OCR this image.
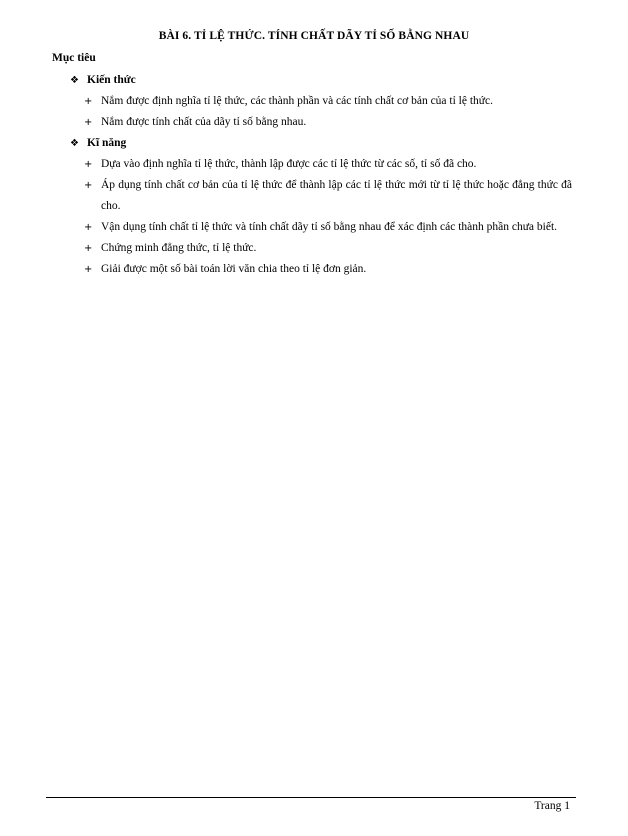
BÀI 6. TỈ LỆ THỨC. TÍNH CHẤT DÃY TỈ SỐ BẰNG NHAU
Mục tiêu
❖ Kiến thức
+ Nắm được định nghĩa tỉ lệ thức, các thành phần và các tính chất cơ bản của tỉ lệ thức.
+ Nắm được tính chất của dãy tỉ số bằng nhau.
❖ Kĩ năng
+ Dựa vào định nghĩa tỉ lệ thức, thành lập được các tỉ lệ thức từ các số, tỉ số đã cho.
+ Áp dụng tính chất cơ bản của tỉ lệ thức để thành lập các tỉ lệ thức mới từ tỉ lệ thức hoặc đẳng thức đã cho.
+ Vận dụng tính chất tỉ lệ thức và tính chất dãy tỉ số bằng nhau để xác định các thành phần chưa biết.
+ Chứng minh đẳng thức, tỉ lệ thức.
+ Giải được một số bài toán lời văn chia theo tỉ lệ đơn giản.
Trang 1
